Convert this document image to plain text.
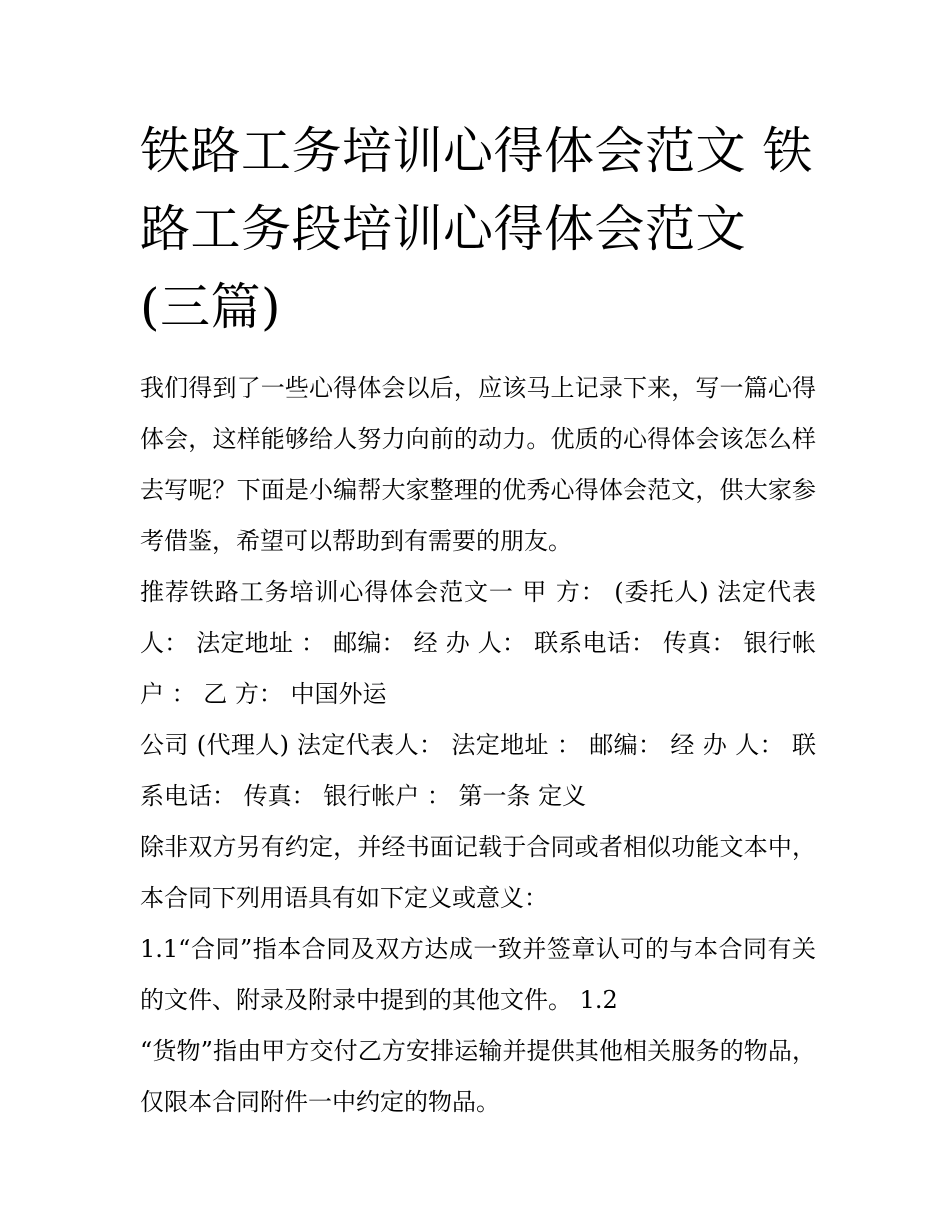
铁路工务培训心得体会范文 铁路工务段培训心得体会范文(三篇)

我们得到了一些心得体会以后，应该马上记录下来，写一篇心得体会，这样能够给人努力向前的动力。优质的心得体会该怎么样去写呢？下面是小编帮大家整理的优秀心得体会范文，供大家参考借鉴，希望可以帮助到有需要的朋友。

推荐铁路工务培训心得体会范文一 甲 方： (委托人) 法定代表人： 法定地址 ： 邮编： 经 办 人： 联系电话： 传真： 银行帐户 ： 乙 方： 中国外运

公司 (代理人) 法定代表人： 法定地址 ： 邮编： 经 办 人： 联系电话： 传真： 银行帐户 ： 第一条 定义

除非双方另有约定，并经书面记载于合同或者相似功能文本中，本合同下列用语具有如下定义或意义：

1.1“合同”指本合同及双方达成一致并签章认可的与本合同有关的文件、附录及附录中提到的其他文件。 1.2

“货物”指由甲方交付乙方安排运输并提供其他相关服务的物品，仅限本合同附件一中约定的物品。
